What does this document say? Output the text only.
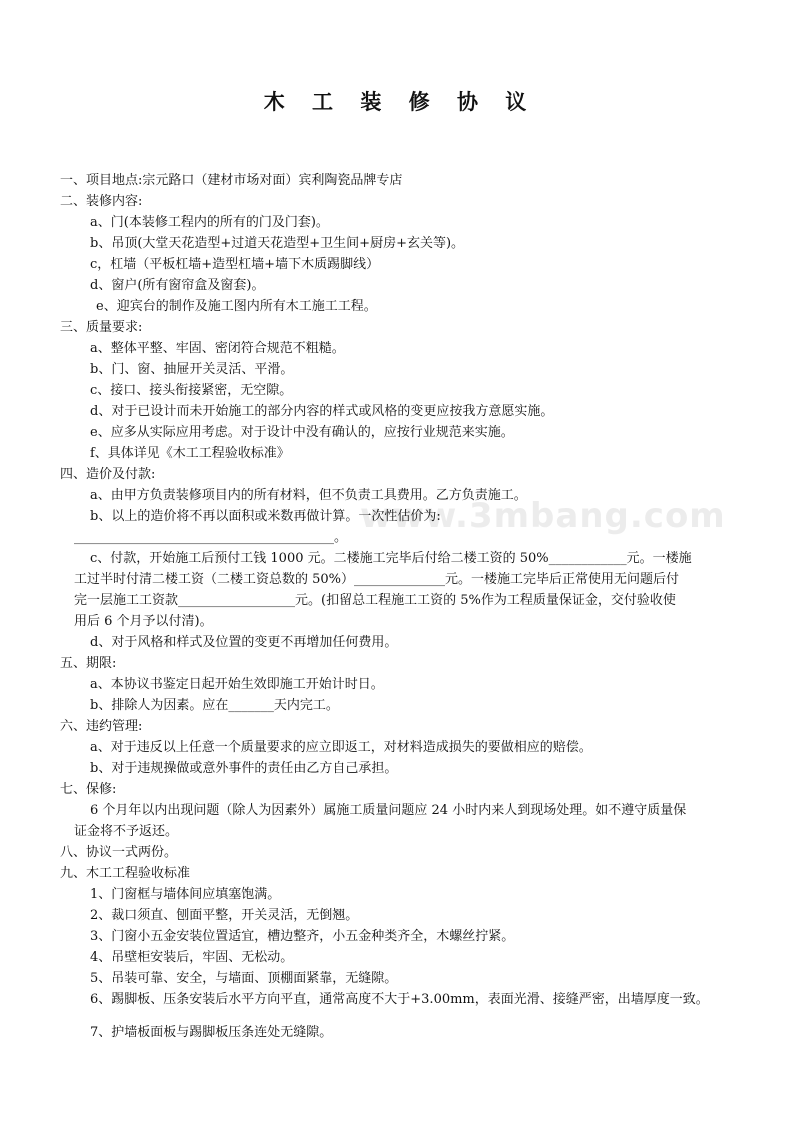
木 工 装 修 协 议
www.3mbang.com
一、项目地点:宗元路口（建材市场对面）宾利陶瓷品牌专店
二、装修内容:
a、门(本装修工程内的所有的门及门套)。
b、吊顶(大堂天花造型+过道天花造型+卫生间+厨房+玄关等)。
c，杠墙（平板杠墙+造型杠墙+墙下木质踢脚线）
d、窗户(所有窗帘盒及窗套)。
e、迎宾台的制作及施工图内所有木工施工工程。
三、质量要求:
a、整体平整、牢固、密闭符合规范不粗糙。
b、门、窗、抽屉开关灵活、平滑。
c、接口、接头衔接紧密，无空隙。
d、对于已设计而未开始施工的部分内容的样式或风格的变更应按我方意愿实施。
e、应多从实际应用考虑。对于设计中没有确认的，应按行业规范来实施。
f、具体详见《木工工程验收标准》
四、造价及付款:
a、由甲方负责装修项目内的所有材料，但不负责工具费用。乙方负责施工。
b、以上的造价将不再以面积或米数再做计算。一次性估价为:
________________________________________。
c、付款，开始施工后预付工钱 1000 元。二楼施工完毕后付给二楼工资的 50%____________元。一楼施
工过半时付清二楼工资（二楼工资总数的 50%）______________元。一楼施工完毕后正常使用无问题后付
完一层施工工资款__________________元。(扣留总工程施工工资的 5%作为工程质量保证金，交付验收使
用后 6 个月予以付清)。
d、对于风格和样式及位置的变更不再增加任何费用。
五、期限:
a、本协议书鉴定日起开始生效即施工开始计时日。
b、排除人为因素。应在_______天内完工。
六、违约管理:
a、对于违反以上任意一个质量要求的应立即返工，对材料造成损失的要做相应的赔偿。
b、对于违规操做或意外事件的责任由乙方自己承担。
七、保修:
6 个月年以内出现问题（除人为因素外）属施工质量问题应 24 小时内来人到现场处理。如不遵守质量保
证金将不予返还。
八、协议一式两份。
九、木工工程验收标准
1、门窗框与墙体间应填塞饱满。
2、裁口须直、刨面平整，开关灵活，无倒翘。
3、门窗小五金安装位置适宜，槽边整齐，小五金种类齐全，木螺丝拧紧。
4、吊壁柜安装后，牢固、无松动。
5、吊装可靠、安全，与墙面、顶棚面紧靠，无缝隙。
6、踢脚板、压条安装后水平方向平直，通常高度不大于+3.00mm，表面光滑、接缝严密，出墙厚度一致。
7、护墙板面板与踢脚板压条连处无缝隙。
